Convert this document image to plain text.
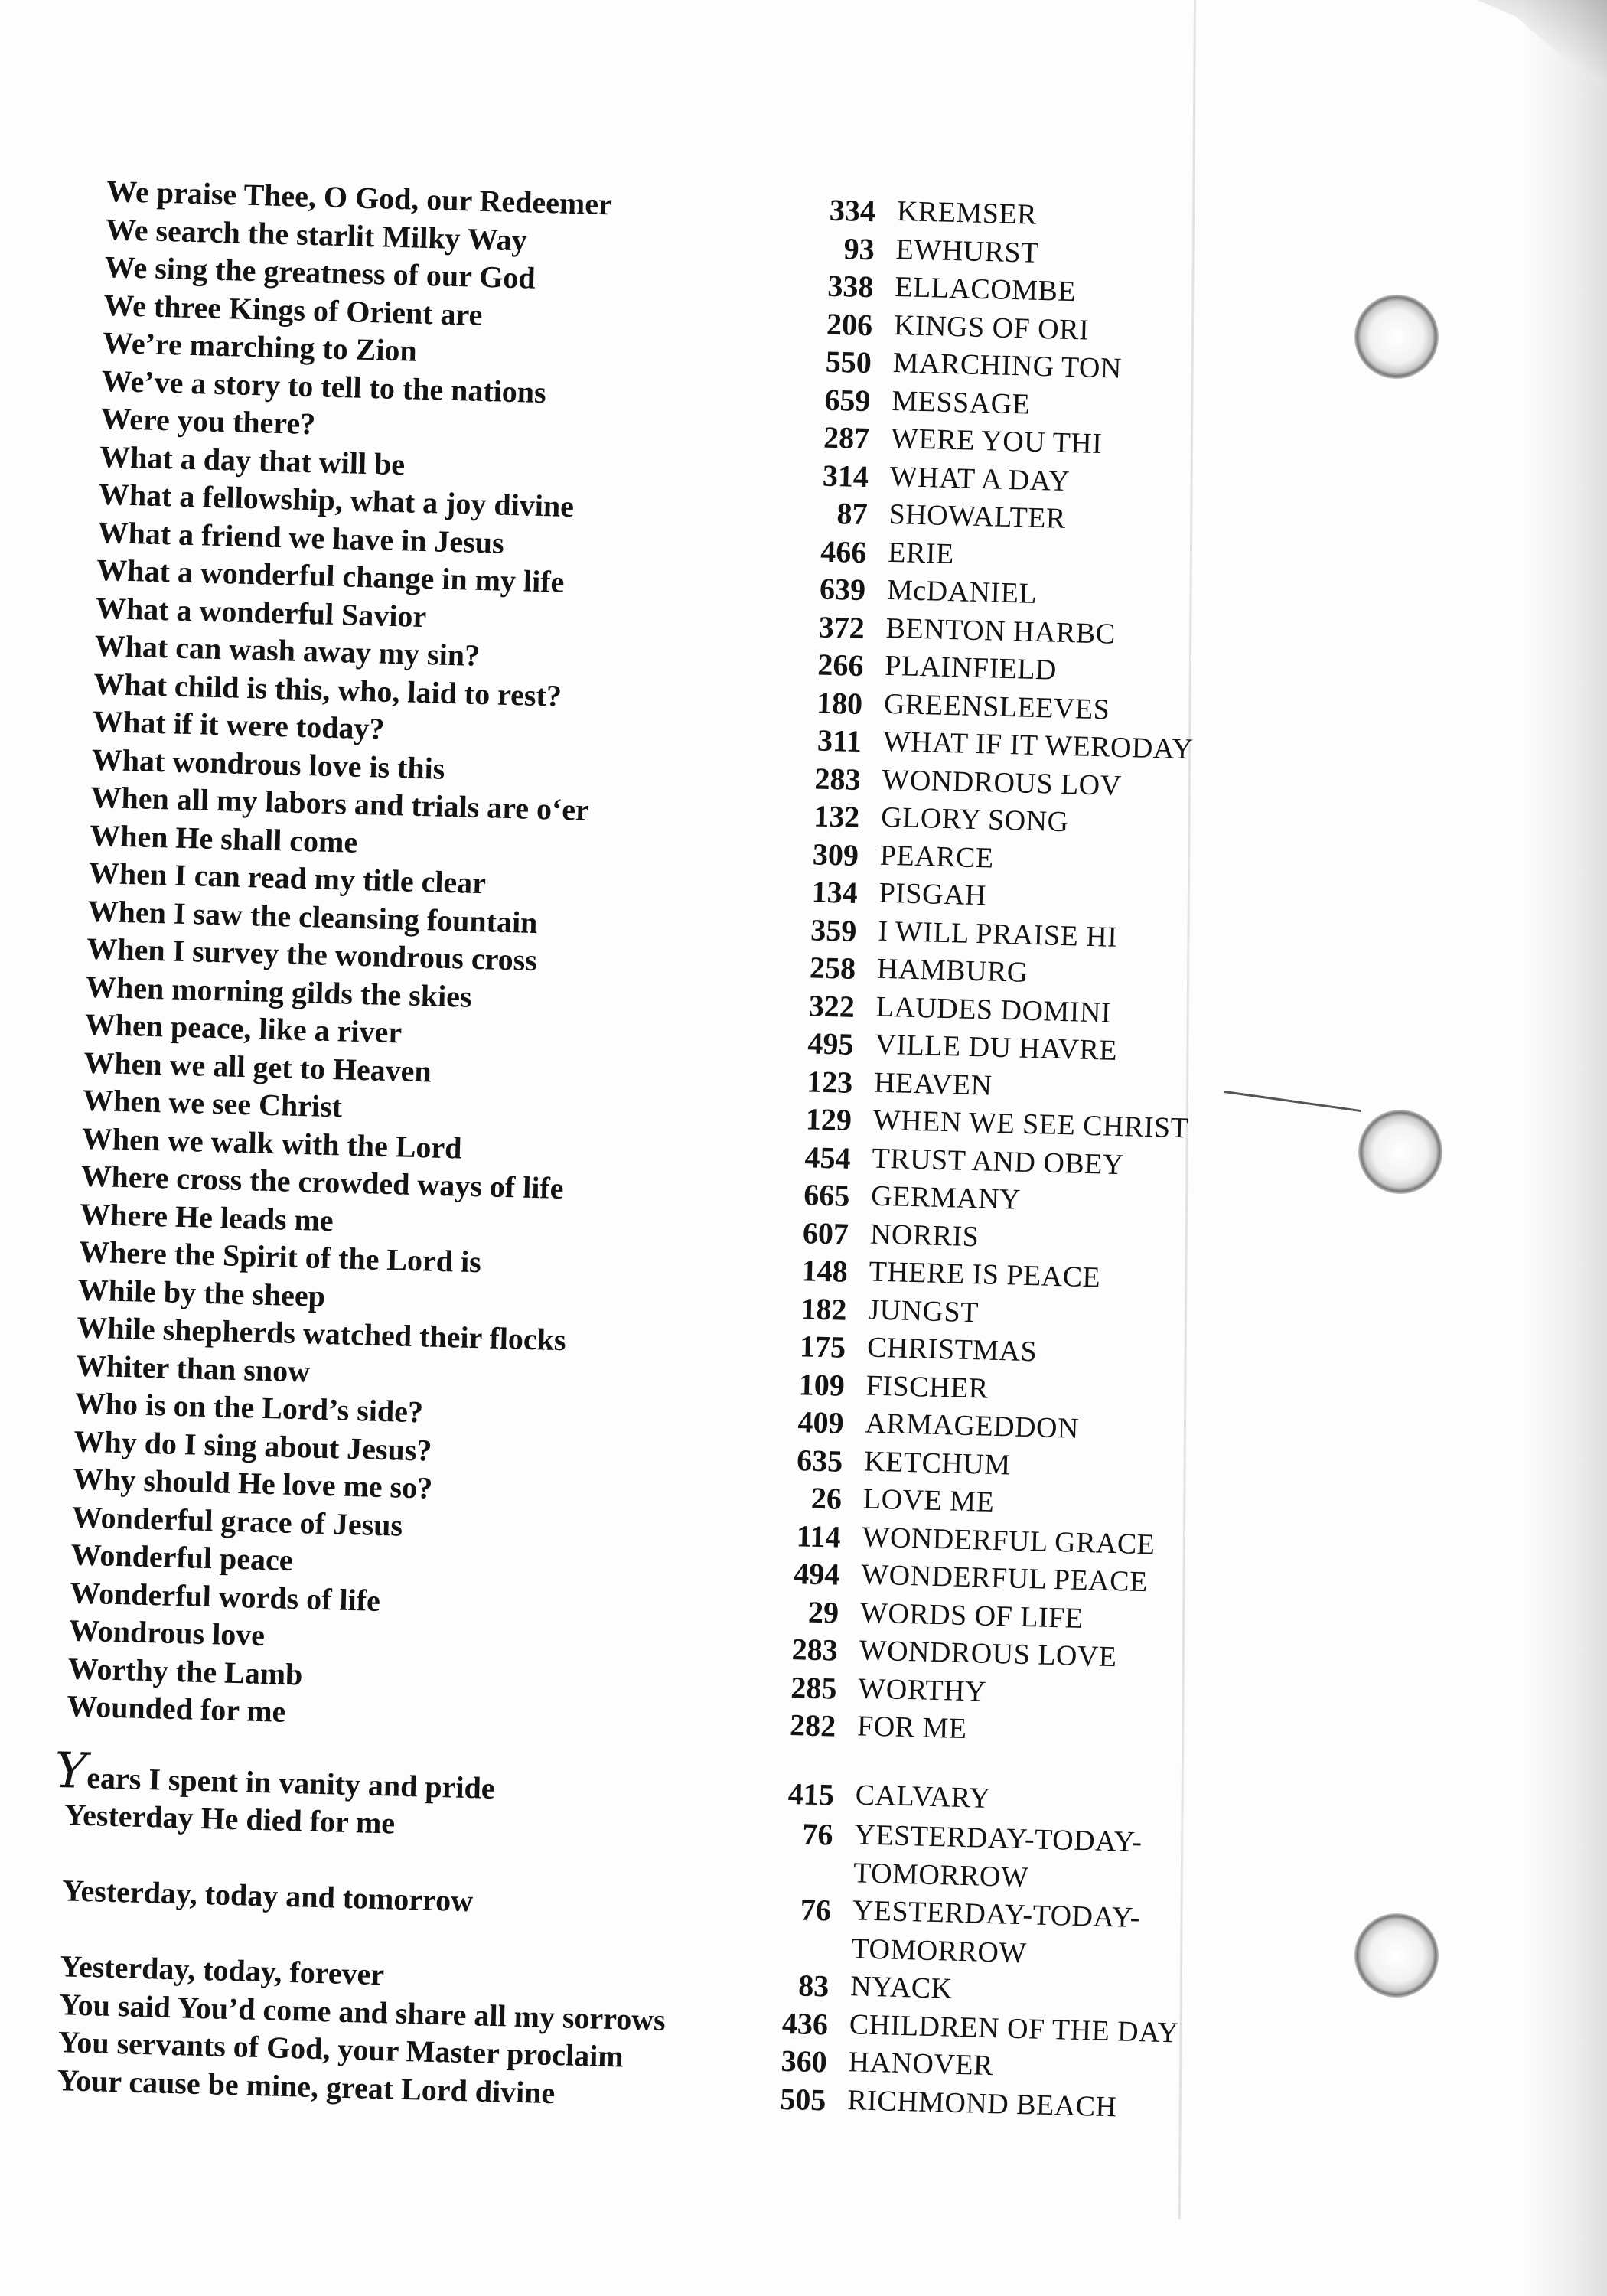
We praise Thee, O God, our Redeemer	334 KREMSER
We search the starlit Milky Way	93 EWHURST
We sing the greatness of our God	338 ELLACOMBE
We three Kings of Orient are	206 KINGS OF ORI
We’re marching to Zion	550 MARCHING TON
We’ve a story to tell to the nations	659 MESSAGE
Were you there?	287 WERE YOU THI
What a day that will be	314 WHAT A DAY
What a fellowship, what a joy divine	87 SHOWALTER
What a friend we have in Jesus	466 ERIE
What a wonderful change in my life	639 McDANIEL
What a wonderful Savior	372 BENTON HARBC
What can wash away my sin?	266 PLAINFIELD
What child is this, who, laid to rest?	180 GREENSLEEVES
What if it were today?	311 WHAT IF IT WERODAY
What wondrous love is this	283 WONDROUS LOV
When all my labors and trials are o‘er	132 GLORY SONG
When He shall come	309 PEARCE
When I can read my title clear	134 PISGAH
When I saw the cleansing fountain	359 I WILL PRAISE HI
When I survey the wondrous cross	258 HAMBURG
When morning gilds the skies	322 LAUDES DOMINI
When peace, like a river	495 VILLE DU HAVRE
When we all get to Heaven	123 HEAVEN
When we see Christ	129 WHEN WE SEE CHRIST
When we walk with the Lord	454 TRUST AND OBEY
Where cross the crowded ways of life	665 GERMANY
Where He leads me	607 NORRIS
Where the Spirit of the Lord is	148 THERE IS PEACE
While by the sheep	182 JUNGST
While shepherds watched their flocks	175 CHRISTMAS
Whiter than snow	109 FISCHER
Who is on the Lord’s side?	409 ARMAGEDDON
Why do I sing about Jesus?	635 KETCHUM
Why should He love me so?	26 LOVE ME
Wonderful grace of Jesus	114 WONDERFUL GRACE
Wonderful peace	494 WONDERFUL PEACE
Wonderful words of life	29 WORDS OF LIFE
Wondrous love	283 WONDROUS LOVE
Worthy the Lamb	285 WORTHY
Wounded for me	282 FOR ME
Years I spent in vanity and pride	415 CALVARY
Yesterday He died for me	76 YESTERDAY-TODAY-
TOMORROW
Yesterday, today and tomorrow	76 YESTERDAY-TODAY-
TOMORROW
Yesterday, today, forever	83 NYACK
You said You’d come and share all my sorrows	436 CHILDREN OF THE DAY
You servants of God, your Master proclaim	360 HANOVER
Your cause be mine, great Lord divine	505 RICHMOND BEACH
